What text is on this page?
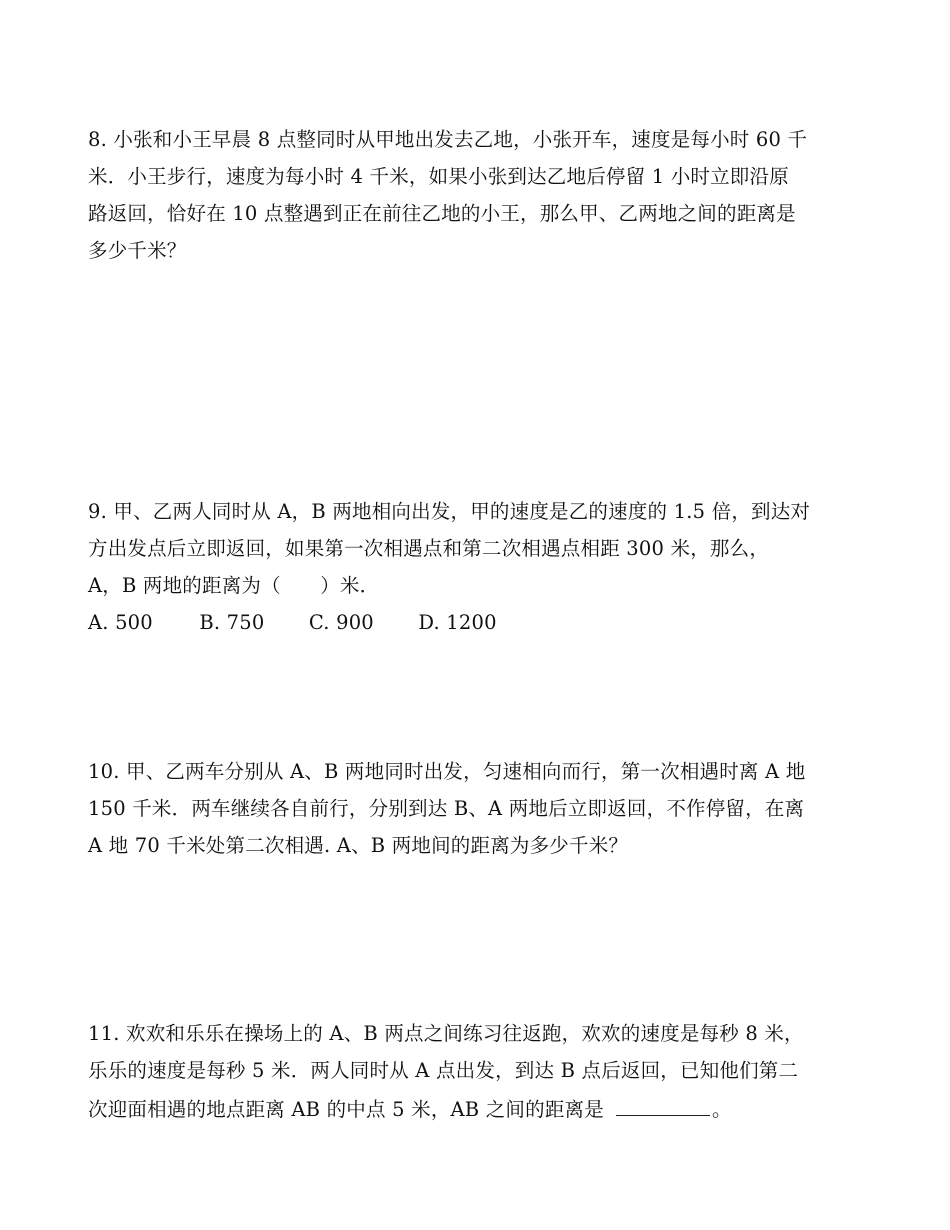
8. 小张和小王早晨 8 点整同时从甲地出发去乙地，小张开车，速度是每小时 60 千

米．小王步行，速度为每小时 4 千米，如果小张到达乙地后停留 1 小时立即沿原

路返回，恰好在 10 点整遇到正在前往乙地的小王，那么甲、乙两地之间的距离是

多少千米？

9. 甲、乙两人同时从 A，B 两地相向出发，甲的速度是乙的速度的 1.5 倍，到达对

方出发点后立即返回，如果第一次相遇点和第二次相遇点相距 300 米，那么，

A，B 两地的距离为（　　）米．

A. 500 B. 750 C. 900 D. 1200

10. 甲、乙两车分别从 A、B 两地同时出发，匀速相向而行，第一次相遇时离 A 地

150 千米．两车继续各自前行，分别到达 B、A 两地后立即返回，不作停留，在离

A 地 70 千米处第二次相遇. A、B 两地间的距离为多少千米？

11. 欢欢和乐乐在操场上的 A、B 两点之间练习往返跑，欢欢的速度是每秒 8 米，

乐乐的速度是每秒 5 米．两人同时从 A 点出发，到达 B 点后返回，已知他们第二

次迎面相遇的地点距离 AB 的中点 5 米，AB 之间的距离是	。
